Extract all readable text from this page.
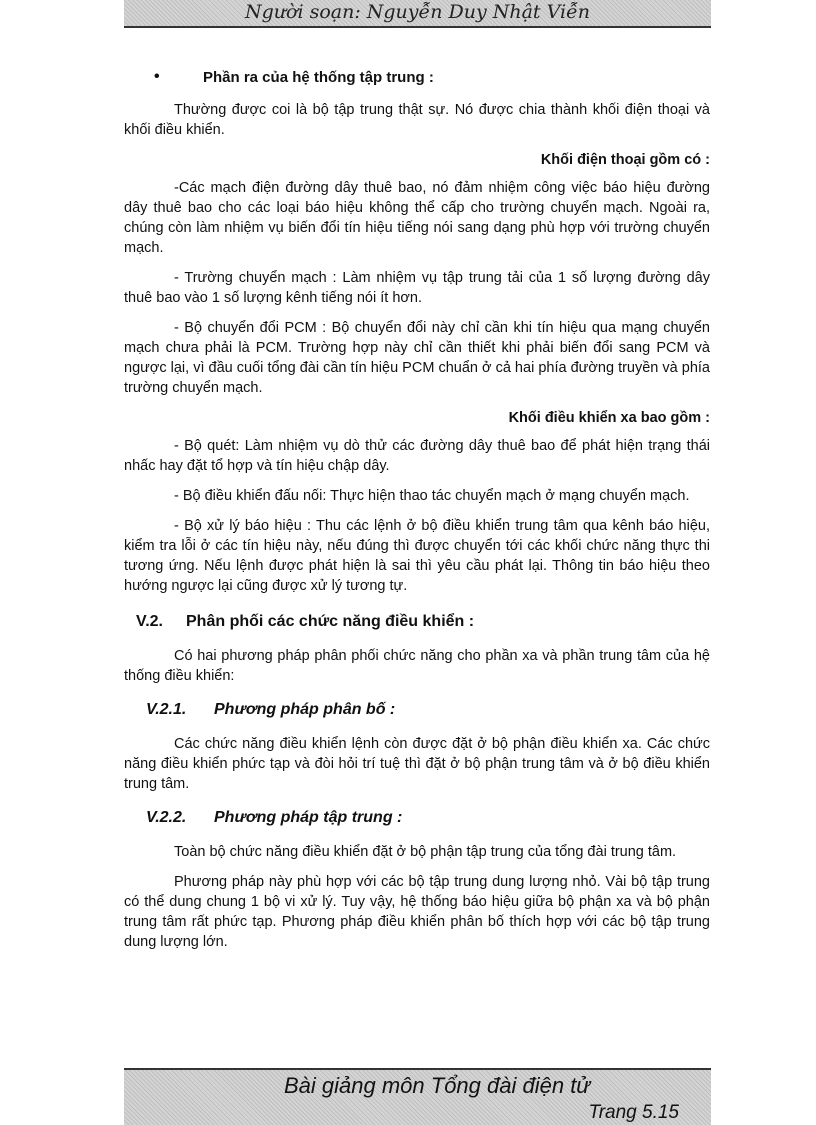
Người soạn: Nguyễn Duy Nhật Viễn
•	Phần ra của hệ thống tập trung :

Thường được coi là bộ tập trung thật sự. Nó được chia thành khối điện thoại và khối điều khiển.

Khối điện thoại gồm có :

-Các mạch điện đường dây thuê bao, nó đảm nhiệm công việc báo hiệu đường dây thuê bao cho các loại báo hiệu không thể cấp cho trường chuyển mạch. Ngoài ra, chúng còn làm nhiệm vụ biến đổi tín hiệu tiếng nói sang dạng phù hợp với trường chuyển mạch.

- Trường chuyển mạch : Làm nhiệm vụ tập trung tải của 1 số lượng đường dây thuê bao vào 1 số lượng kênh tiếng nói ít hơn.

- Bộ chuyển đổi PCM : Bộ chuyển đổi này chỉ cần khi tín hiệu qua mạng chuyển mạch chưa phải là PCM. Trường hợp này chỉ cần thiết khi phải biến đổi sang PCM và ngược lại, vì đầu cuối tổng đài cần tín hiệu PCM chuẩn ở cả hai phía đường truyền và phía trường chuyển mạch.

Khối điều khiển xa bao gồm :

- Bộ quét: Làm nhiệm vụ dò thử các đường dây thuê bao để phát hiện trạng thái nhấc hay đặt tổ hợp và tín hiệu chập dây.

- Bộ điều khiển đấu nối: Thực hiện thao tác chuyển mạch ở mạng chuyển mạch.

- Bộ xử lý báo hiệu : Thu các lệnh ở bộ điều khiển trung tâm qua kênh báo hiệu, kiểm tra lỗi ở các tín hiệu này, nếu đúng thì được chuyển tới các khối chức năng thực thi tương ứng. Nếu lệnh được phát hiện là sai thì yêu cầu phát lại. Thông tin báo hiệu theo hướng ngược lại cũng được xử lý tương tự.

V.2. Phân phối các chức năng điều khiển :

Có hai phương pháp phân phối chức năng cho phần xa và phần trung tâm của hệ thống điều khiển:

V.2.1. Phương pháp phân bố :

Các chức năng điều khiển lệnh còn được đặt ở bộ phận điều khiển xa. Các chức năng điều khiển phức tạp và đòi hỏi trí tuệ thì đặt ở bộ phận trung tâm và ở bộ điều khiển trung tâm.

V.2.2. Phương pháp tập trung :

Toàn bộ chức năng điều khiển đặt ở bộ phận tập trung của tổng đài trung tâm.

Phương pháp này phù hợp với các bộ tập trung dung lượng nhỏ. Vài bộ tập trung có thể dung chung 1 bộ vi xử lý. Tuy vậy, hệ thống báo hiệu giữa bộ phận xa và bộ phận trung tâm rất phức tạp. Phương pháp điều khiển phân bố thích hợp với các bộ tập trung dung lượng lớn.

Bài giảng môn Tổng đài điện tử
Trang 5.15
